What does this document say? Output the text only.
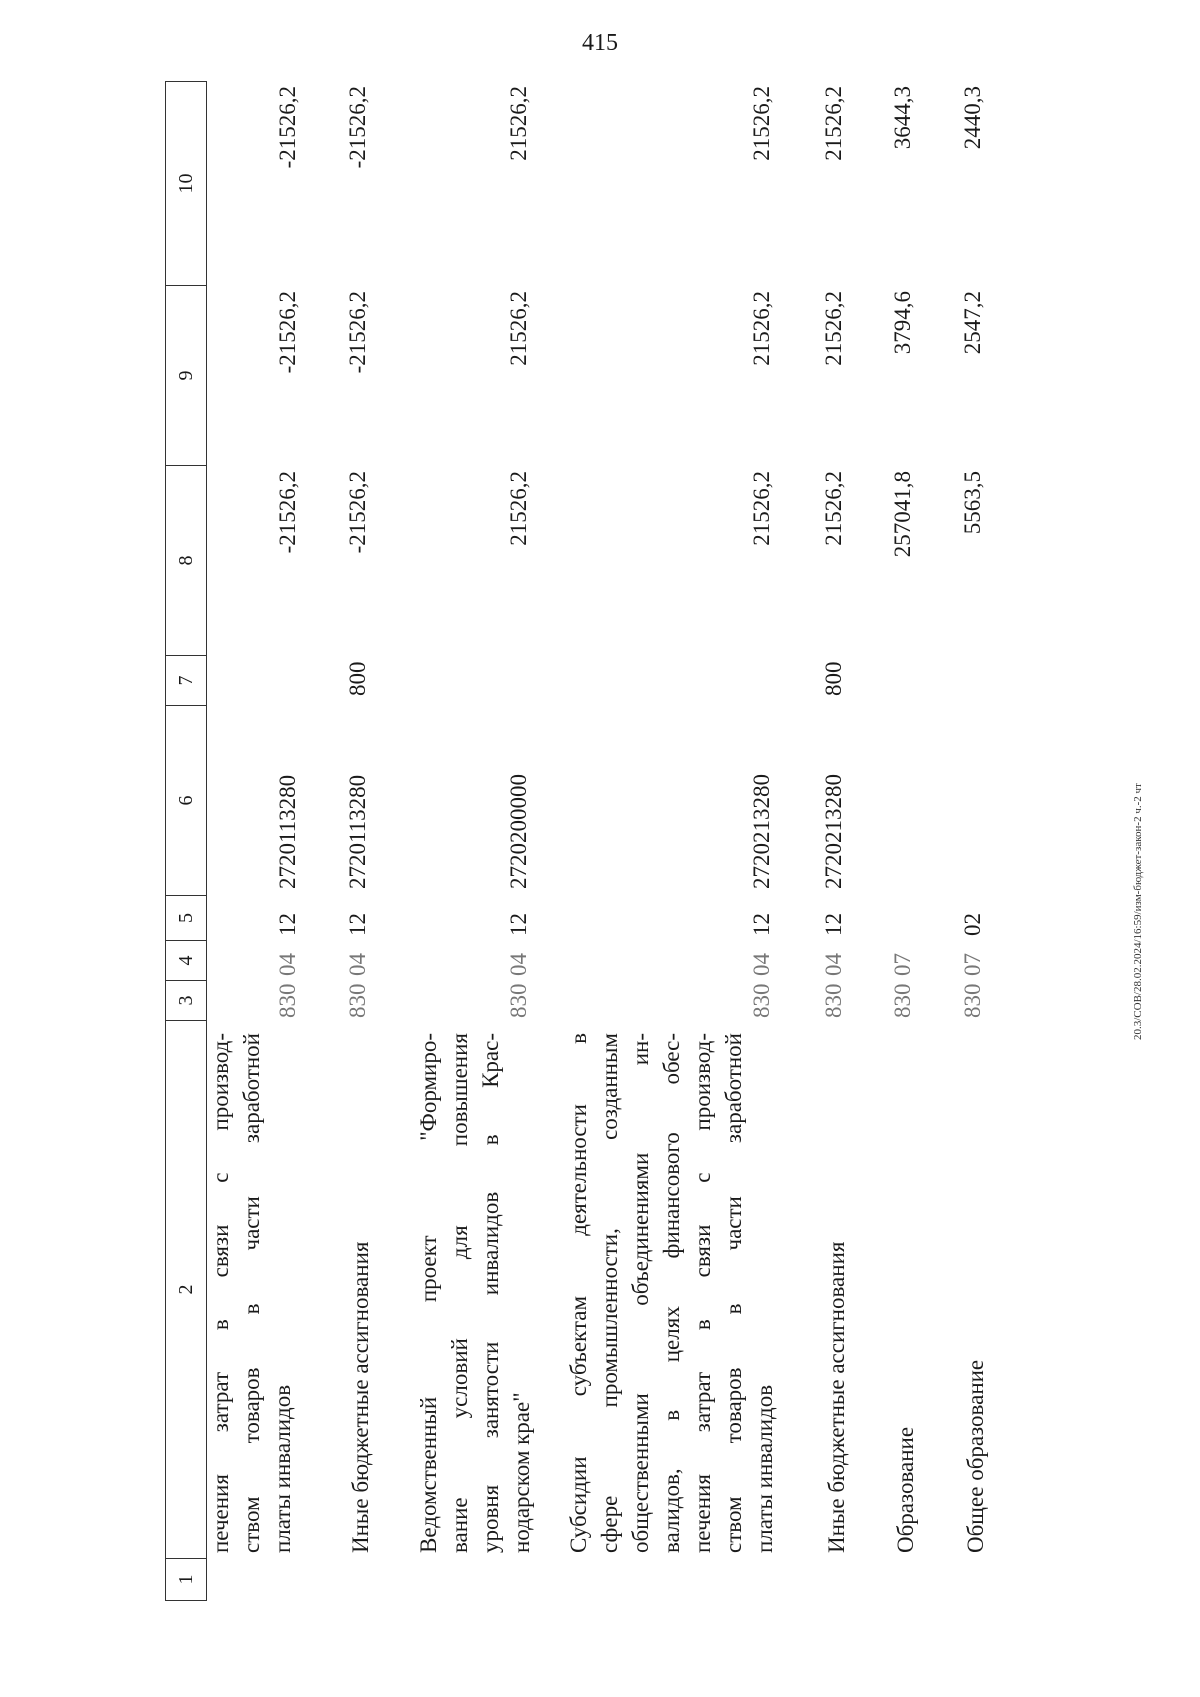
415
1
2
3
4
5
6
7
8
9
10
печения затрат в связи с производ- ством товаров в части заработной платы инвалидов
830
04
12
2720113280
-21526,2
-21526,2
-21526,2
Иные бюджетные ассигнования
830
04
12
2720113280
800
-21526,2
-21526,2
-21526,2
Ведомственный проект "Формиро- вание условий для повышения уровня занятости инвалидов в Крас- нодарском крае"
830
04
12
2720200000
21526,2
21526,2
21526,2
Субсидии субъектам деятельности в сфере промышленности, созданным общественными объединениями ин- валидов, в целях финансового обес- печения затрат в связи с производ- ством товаров в части заработной платы инвалидов
830
04
12
2720213280
21526,2
21526,2
21526,2
Иные бюджетные ассигнования
830
04
12
2720213280
800
21526,2
21526,2
21526,2
Образование
830
07
257041,8
3794,6
3644,3
Общее образование
830
07
02
5563,5
2547,2
2440,3
20.3/СОВ/28.02.2024/16:59/изм-бюджет-закон-2 ч.-2 чт
